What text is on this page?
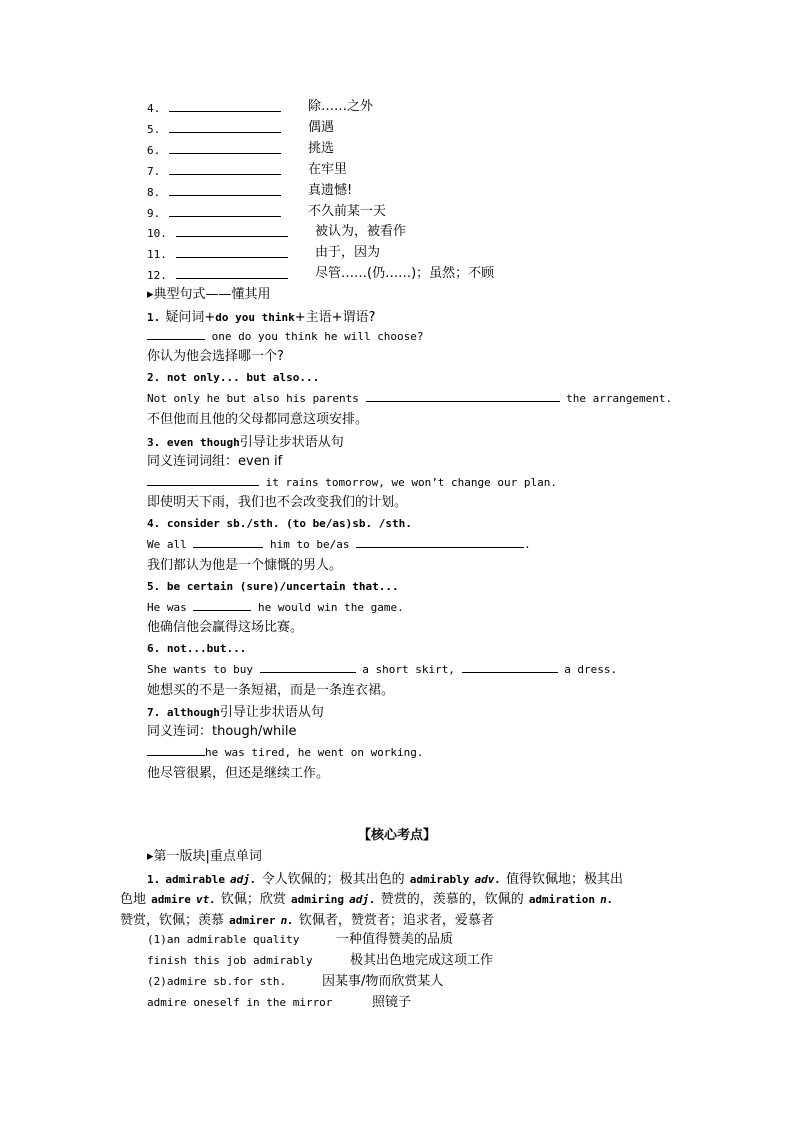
4.	除……之外
5.	偶遇
6.	挑选
7.	在牢里
8.	真遗憾!
9.	不久前某一天
10.	被认为，被看作
11.	由于，因为
12.	尽管……(仍……)；虽然；不顾
▸典型句式——懂其用
1. 疑问词+do you think+主语+谓语?
one do you think he will choose?
你认为他会选择哪一个?
2. not only... but also...
Not only he but also his parents	the arrangement.
不但他而且他的父母都同意这项安排。
3. even though引导让步状语从句
同义连词词组：even if
it rains tomorrow, we won’t change our plan.
即使明天下雨，我们也不会改变我们的计划。
4. consider sb./sth. (to be/as)sb. /sth.
We all	him to be/as	.
我们都认为他是一个慷慨的男人。
5. be certain (sure)/uncertain that...
He was	he would win the game.
他确信他会赢得这场比赛。
6. not...but...
She wants to buy	a short skirt,	a dress.
她想买的不是一条短裙，而是一条连衣裙。
7. although引导让步状语从句
同义连词：though/while
he was tired, he went on working.
他尽管很累，但还是继续工作。
【核心考点】
▸第一版块|重点单词
1. admirable adj. 令人钦佩的；极其出色的 admirably adv. 值得钦佩地；极其出
色地 admire vt. 钦佩；欣赏 admiring adj. 赞赏的，羡慕的，钦佩的 admiration n.
赞赏，钦佩；羡慕 admirer n. 钦佩者，赞赏者；追求者，爱慕者
(1)an admirable quality	一种值得赞美的品质
finish this job admirably	极其出色地完成这项工作
(2)admire sb.for sth.	因某事/物而欣赏某人
admire oneself in the mirror	照镜子
